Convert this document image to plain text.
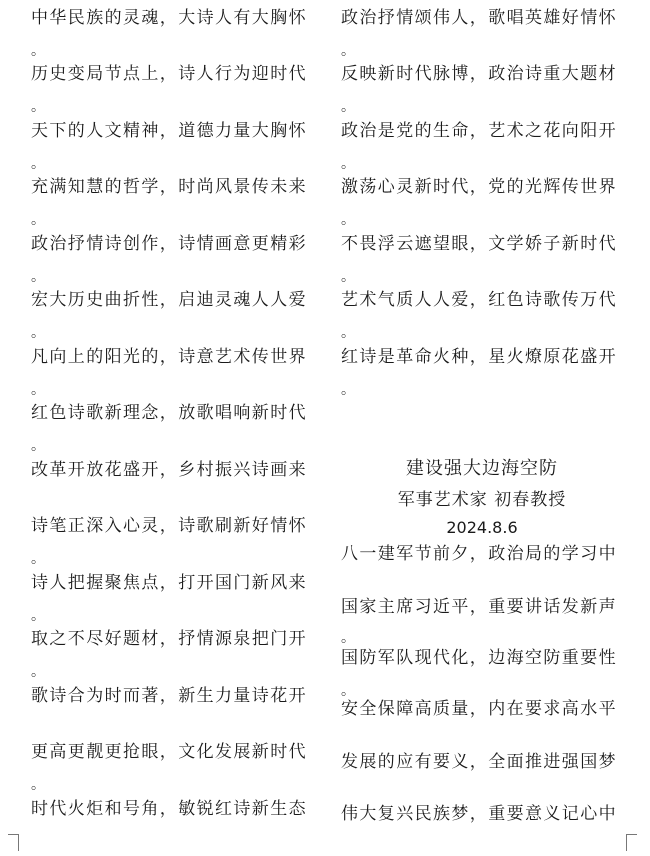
中华民族的灵魂，大诗人有大胸怀
。
历史变局节点上，诗人行为迎时代
。
天下的人文精神，道德力量大胸怀
。
充满知慧的哲学，时尚风景传未来
。
政治抒情诗创作，诗情画意更精彩
。
宏大历史曲折性，启迪灵魂人人爱
。
凡向上的阳光的，诗意艺术传世界
。
红色诗歌新理念，放歌唱响新时代
。
改革开放花盛开，乡村振兴诗画来
诗笔正深入心灵，诗歌刷新好情怀
。
诗人把握聚焦点，打开国门新风来
。
取之不尽好题材，抒情源泉把门开
。
歌诗合为时而著，新生力量诗花开
更高更靓更抢眼，文化发展新时代
。
时代火炬和号角，敏锐红诗新生态
政治抒情颂伟人，歌唱英雄好情怀
。
反映新时代脉博，政治诗重大题材
。
政治是党的生命，艺术之花向阳开
。
激荡心灵新时代，党的光辉传世界
。
不畏浮云遮望眼，文学娇子新时代
。
艺术气质人人爱，红色诗歌传万代
。
红诗是革命火种，星火燎原花盛开
。
八一建军节前夕，政治局的学习中
国家主席习近平，重要讲话发新声
。
国防军队现代化，边海空防重要性
。
安全保障高质量，内在要求高水平
发展的应有要义，全面推进强国梦
伟大复兴民族梦，重要意义记心中
建设强大边海空防
军事艺术家 初春教授
2024.8.6
